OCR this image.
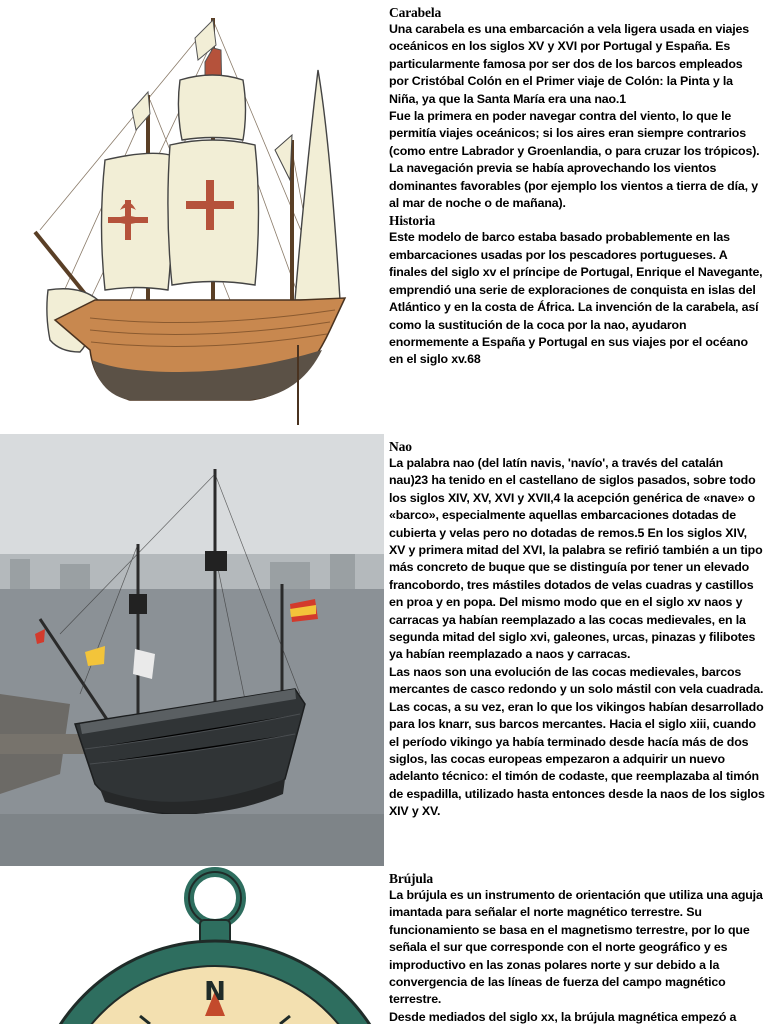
N
Carabela

Una carabela es una embarcación a vela ligera usada en viajes oceánicos en los siglos XV y XVI por Portugal y España. Es particularmente famosa por ser dos de los barcos empleados por Cristóbal Colón en el Primer viaje de Colón: la Pinta y la Niña, ya que la Santa María era una nao.1

Fue la primera en poder navegar contra del viento, lo que le permitía viajes oceánicos; si los aires eran siempre contrarios (como entre Labrador y Groenlandia, o para cruzar los trópicos). La navegación previa se había aprovechando los vientos dominantes favorables (por ejemplo los vientos a tierra de día, y al mar de noche o de mañana).

Historia

Este modelo de barco estaba basado probablemente en las embarcaciones usadas por los pescadores portugueses. A finales del siglo xv el príncipe de Portugal, Enrique el Navegante, emprendió una serie de exploraciones de conquista en islas del Atlántico y en la costa de África. La invención de la carabela, así como la sustitución de la coca por la nao, ayudaron enormemente a España y Portugal en sus viajes por el océano en el siglo xv.68

Nao

La palabra nao (del latín navis, 'navío', a través del catalán nau)23 ha tenido en el castellano de siglos pasados, sobre todo los siglos XIV, XV, XVI y XVII,4 la acepción genérica de «nave» o «barco», especialmente aquellas embarcaciones dotadas de cubierta y velas pero no dotadas de remos.5 En los siglos XIV, XV y primera mitad del XVI, la palabra se refirió también a un tipo más concreto de buque que se distinguía por tener un elevado francobordo, tres mástiles dotados de velas cuadras y castillos en proa y en popa. Del mismo modo que en el siglo xv naos y carracas ya habían reemplazado a las cocas medievales, en la segunda mitad del siglo xvi, galeones, urcas, pinazas y filibotes ya habían reemplazado a naos y carracas.

Las naos son una evolución de las cocas medievales, barcos mercantes de casco redondo y un solo mástil con vela cuadrada. Las cocas, a su vez, eran lo que los vikingos habían desarrollado para los knarr, sus barcos mercantes. Hacia el siglo xiii, cuando el período vikingo ya había terminado desde hacía más de dos siglos, las cocas europeas empezaron a adquirir un nuevo adelanto técnico: el timón de codaste, que reemplazaba al timón de espadilla, utilizado hasta entonces desde la naos de los siglos XIV y XV.

Brújula

La brújula es un instrumento de orientación que utiliza una aguja imantada para señalar el norte magnético terrestre. Su funcionamiento se basa en el magnetismo terrestre, por lo que señala el sur que corresponde con el norte geográfico y es improductivo en las zonas polares norte y sur debido a la convergencia de las líneas de fuerza del campo magnético terrestre.

Desde mediados del siglo xx, la brújula magnética empezó a
